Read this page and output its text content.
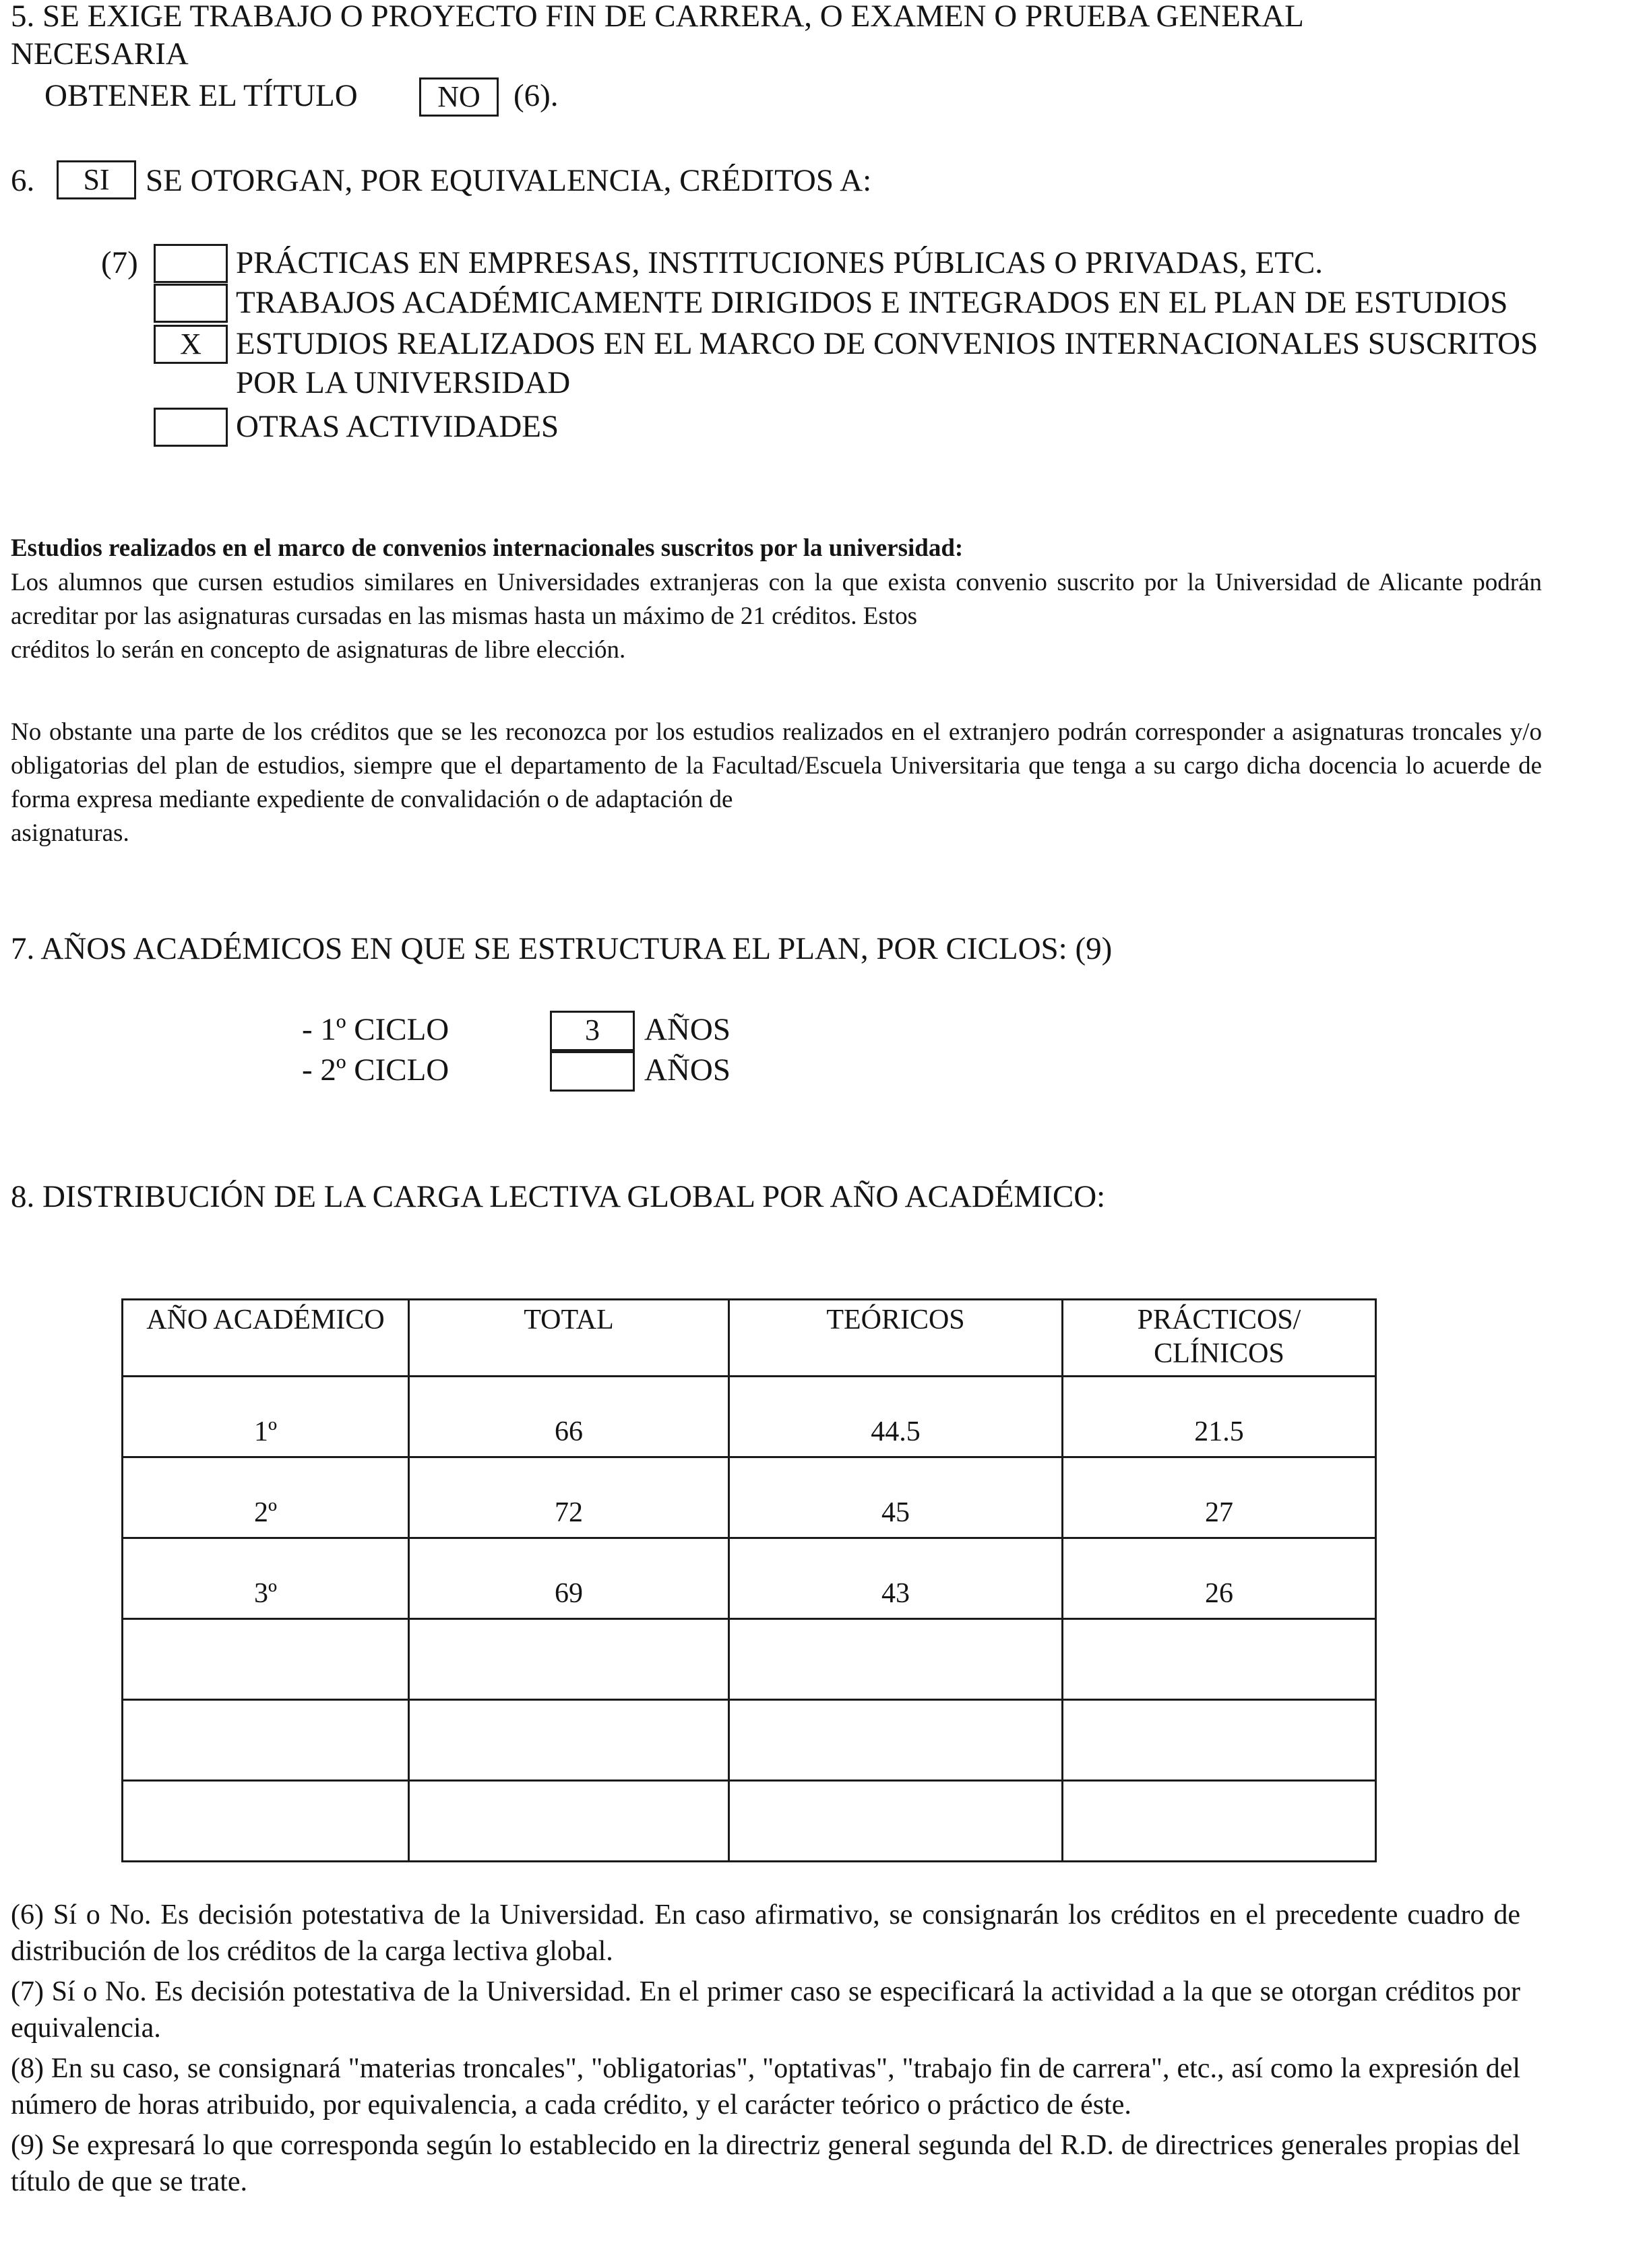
5. SE EXIGE TRABAJO O PROYECTO FIN DE CARRERA, O EXAMEN O PRUEBA GENERAL
NECESARIA
OBTENER EL TÍTULO	NO	(6).
6.	SI	SE OTORGAN, POR EQUIVALENCIA, CRÉDITOS A:
(7)	PRÁCTICAS EN EMPRESAS, INSTITUCIONES PÚBLICAS O PRIVADAS, ETC.
TRABAJOS ACADÉMICAMENTE DIRIGIDOS E INTEGRADOS EN EL PLAN DE ESTUDIOS
X	ESTUDIOS REALIZADOS EN EL MARCO DE CONVENIOS INTERNACIONALES SUSCRITOS
POR LA UNIVERSIDAD
OTRAS ACTIVIDADES
Estudios realizados en el marco de convenios internacionales suscritos por la universidad:
Los alumnos que cursen estudios similares en Universidades extranjeras con la que exista convenio suscrito por la Universidad de Alicante podrán acreditar por las asignaturas cursadas en las mismas hasta un máximo de 21 créditos. Estos
créditos lo serán en concepto de asignaturas de libre elección.
No obstante una parte de los créditos que se les reconozca por los estudios realizados en el extranjero podrán corresponder a asignaturas troncales y/o obligatorias del plan de estudios, siempre que el departamento de la Facultad/Escuela Universitaria que tenga a su cargo dicha docencia lo acuerde de forma expresa mediante expediente de convalidación o de adaptación de
asignaturas.
7. AÑOS ACADÉMICOS EN QUE SE ESTRUCTURA EL PLAN, POR CICLOS: (9)
- 1º CICLO	3	AÑOS
- 2º CICLO	AÑOS
8. DISTRIBUCIÓN DE LA CARGA LECTIVA GLOBAL POR AÑO ACADÉMICO:
AÑO ACADÉMICO	TOTAL	TEÓRICOS	PRÁCTICOS/
CLÍNICOS
1º	66	44.5	21.5
2º	72	45	27
3º	69	43	26

(6) Sí o No. Es decisión potestativa de la Universidad. En caso afirmativo, se consignarán los créditos en el precedente cuadro de distribución de los créditos de la carga lectiva global.
(7) Sí o No. Es decisión potestativa de la Universidad. En el primer caso se especificará la actividad a la que se otorgan créditos por equivalencia.
(8) En su caso, se consignará "materias troncales", "obligatorias", "optativas", "trabajo fin de carrera", etc., así como la expresión del número de horas atribuido, por equivalencia, a cada crédito, y el carácter teórico o práctico de éste.
(9) Se expresará lo que corresponda según lo establecido en la directriz general segunda del R.D. de directrices generales propias del título de que se trate.
